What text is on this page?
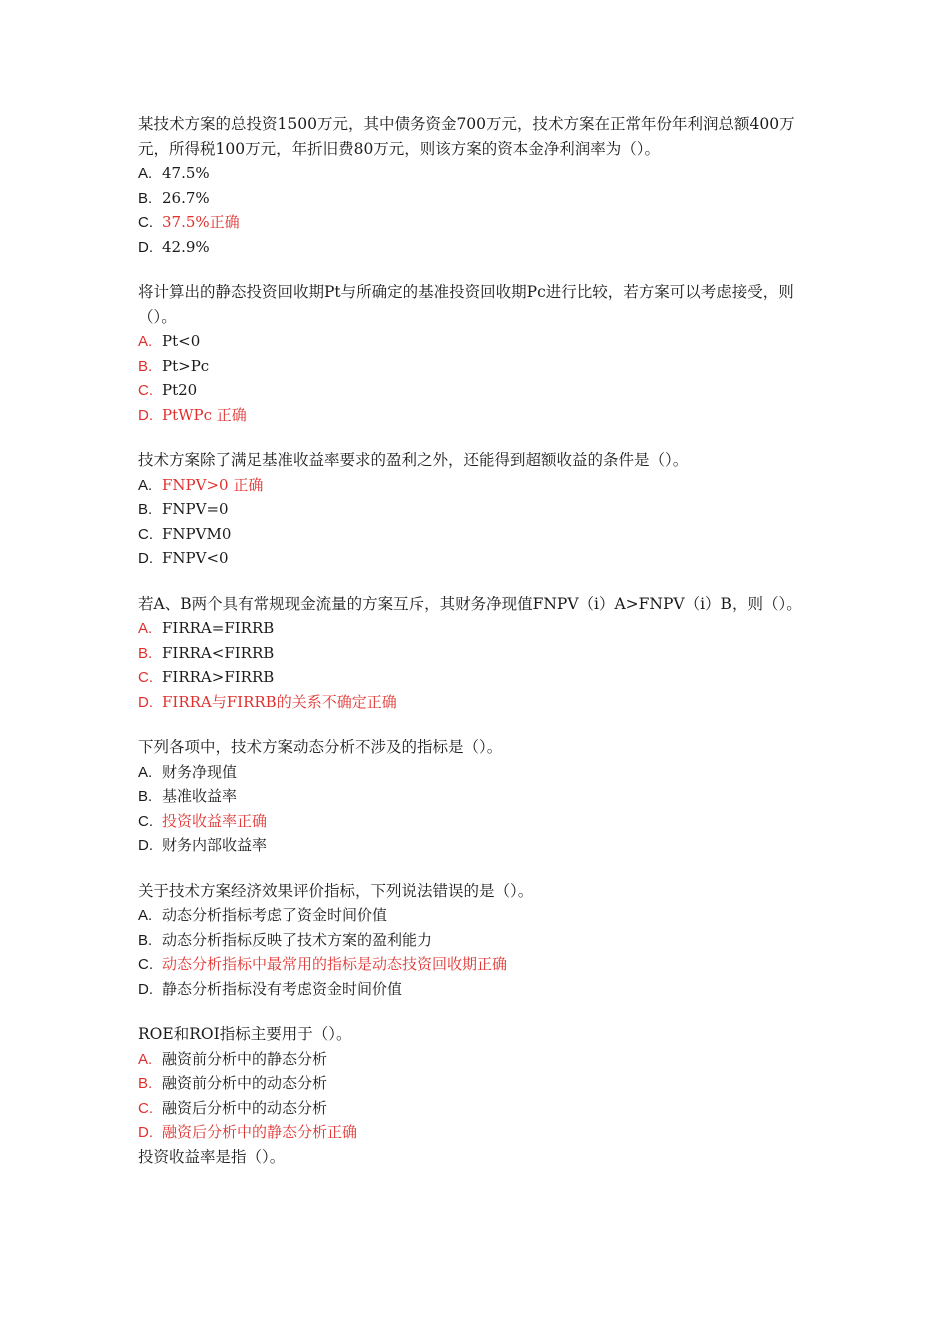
某技术方案的总投资1500万元，其中债务资金700万元，技术方案在正常年份年利润总额400万元，所得税100万元，年折旧费80万元，则该方案的资本金净利润率为（）。

A. 47.5%
B. 26.7%
C. 37.5%正确
D. 42.9%

将计算出的静态投资回收期Pt与所确定的基准投资回收期Pc进行比较，若方案可以考虑接受，则（）。

A. Pt<0
B. Pt>Pc
C. Pt20
D. PtWPc 正确

技术方案除了满足基准收益率要求的盈利之外，还能得到超额收益的条件是（）。

A. FNPV>0 正确
B. FNPV=0
C. FNPVM0
D. FNPV<0

若A、B两个具有常规现金流量的方案互斥，其财务净现值FNPV（i）A>FNPV（i）B，则（）。

A. FIRRA=FIRRB
B. FIRRA<FIRRB
C. FIRRA>FIRRB
D. FIRRA与FIRRB的关系不确定正确

下列各项中，技术方案动态分析不涉及的指标是（）。

A. 财务净现值
B. 基准收益率
C. 投资收益率正确
D. 财务内部收益率

关于技术方案经济效果评价指标，下列说法错误的是（）。

A. 动态分析指标考虑了资金时间价值
B. 动态分析指标反映了技术方案的盈利能力
C. 动态分析指标中最常用的指标是动态技资回收期正确
D. 静态分析指标没有考虑资金时间价值

ROE和ROI指标主要用于（）。

A. 融资前分析中的静态分析
B. 融资前分析中的动态分析
C. 融资后分析中的动态分析
D. 融资后分析中的静态分析正确

投资收益率是指（）。
